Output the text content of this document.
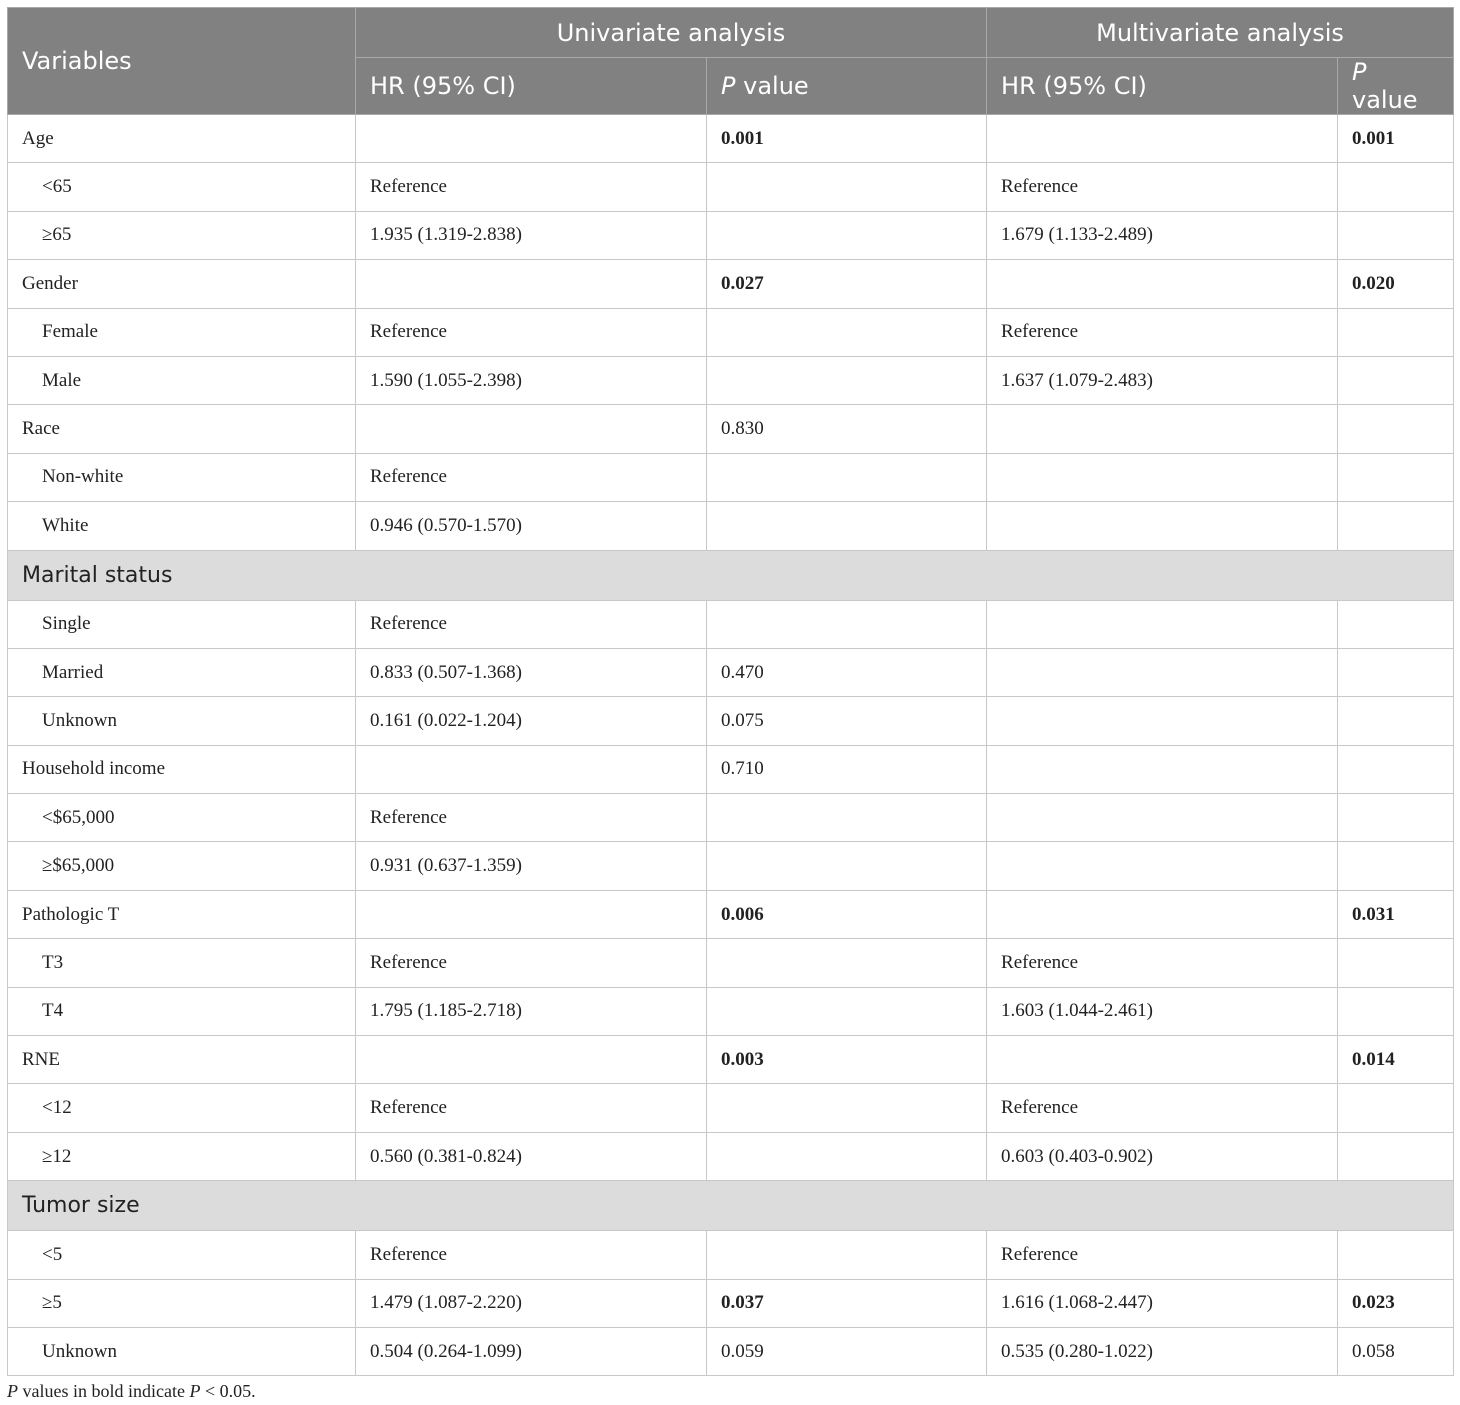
Variables	Univariate analysis		Multivariate analysis	
	HR (95% CI)	P value	HR (95% CI)	P value
Age		0.001		0.001
<65	Reference		Reference	
≥65	1.935 (1.319-2.838)		1.679 (1.133-2.489)	
Gender		0.027		0.020
Female	Reference		Reference	
Male	1.590 (1.055-2.398)		1.637 (1.079-2.483)	
Race		0.830		
Non-white	Reference			
White	0.946 (0.570-1.570)			
Marital status				
Single	Reference			
Married	0.833 (0.507-1.368)	0.470		
Unknown	0.161 (0.022-1.204)	0.075		
Household income		0.710		
<$65,000	Reference			
≥$65,000	0.931 (0.637-1.359)			
Pathologic T		0.006		0.031
T3	Reference		Reference	
T4	1.795 (1.185-2.718)		1.603 (1.044-2.461)	
RNE		0.003		0.014
<12	Reference		Reference	
≥12	0.560 (0.381-0.824)		0.603 (0.403-0.902)	
Tumor size				
<5	Reference		Reference	
≥5	1.479 (1.087-2.220)	0.037	1.616 (1.068-2.447)	0.023
Unknown	0.504 (0.264-1.099)	0.059	0.535 (0.280-1.022)	0.058
P values in bold indicate P < 0.05.
